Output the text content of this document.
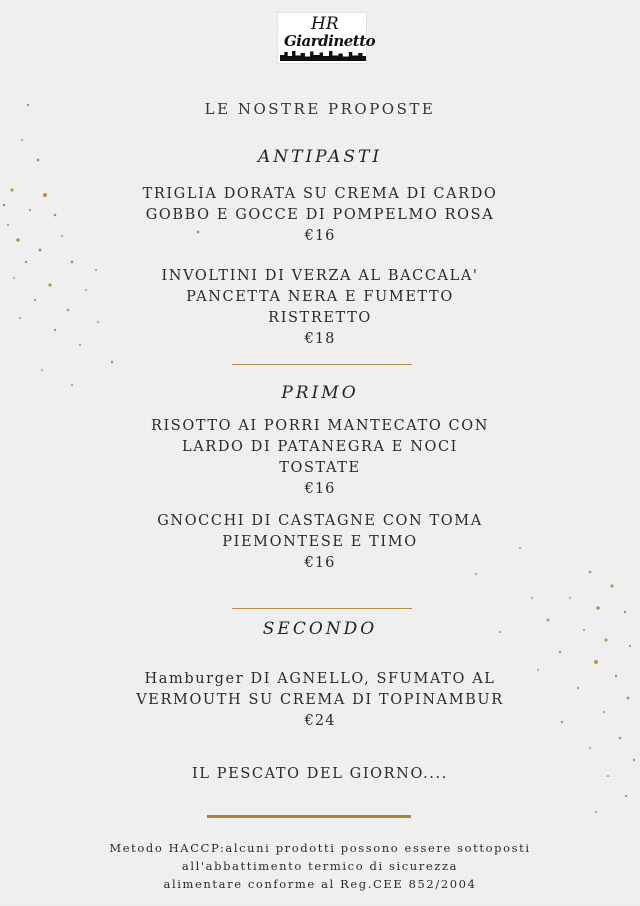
HR
Giardinetto
LE NOSTRE PROPOSTE
ANTIPASTI
TRIGLIA DORATA SU CREMA DI CARDO
GOBBO E GOCCE DI POMPELMO ROSA
€16
INVOLTINI DI VERZA AL BACCALA'
PANCETTA NERA E FUMETTO
RISTRETTO
€18
PRIMO
RISOTTO AI PORRI MANTECATO CON
LARDO DI PATANEGRA E NOCI
TOSTATE
€16
GNOCCHI DI CASTAGNE CON TOMA
PIEMONTESE E TIMO
€16
SECONDO
Hamburger DI AGNELLO, SFUMATO AL
VERMOUTH SU CREMA DI TOPINAMBUR
€24
IL PESCATO DEL GIORNO....
Metodo HACCP:alcuni prodotti possono essere sottoposti
all'abbattimento termico di sicurezza
alimentare conforme al Reg.CEE 852/2004
